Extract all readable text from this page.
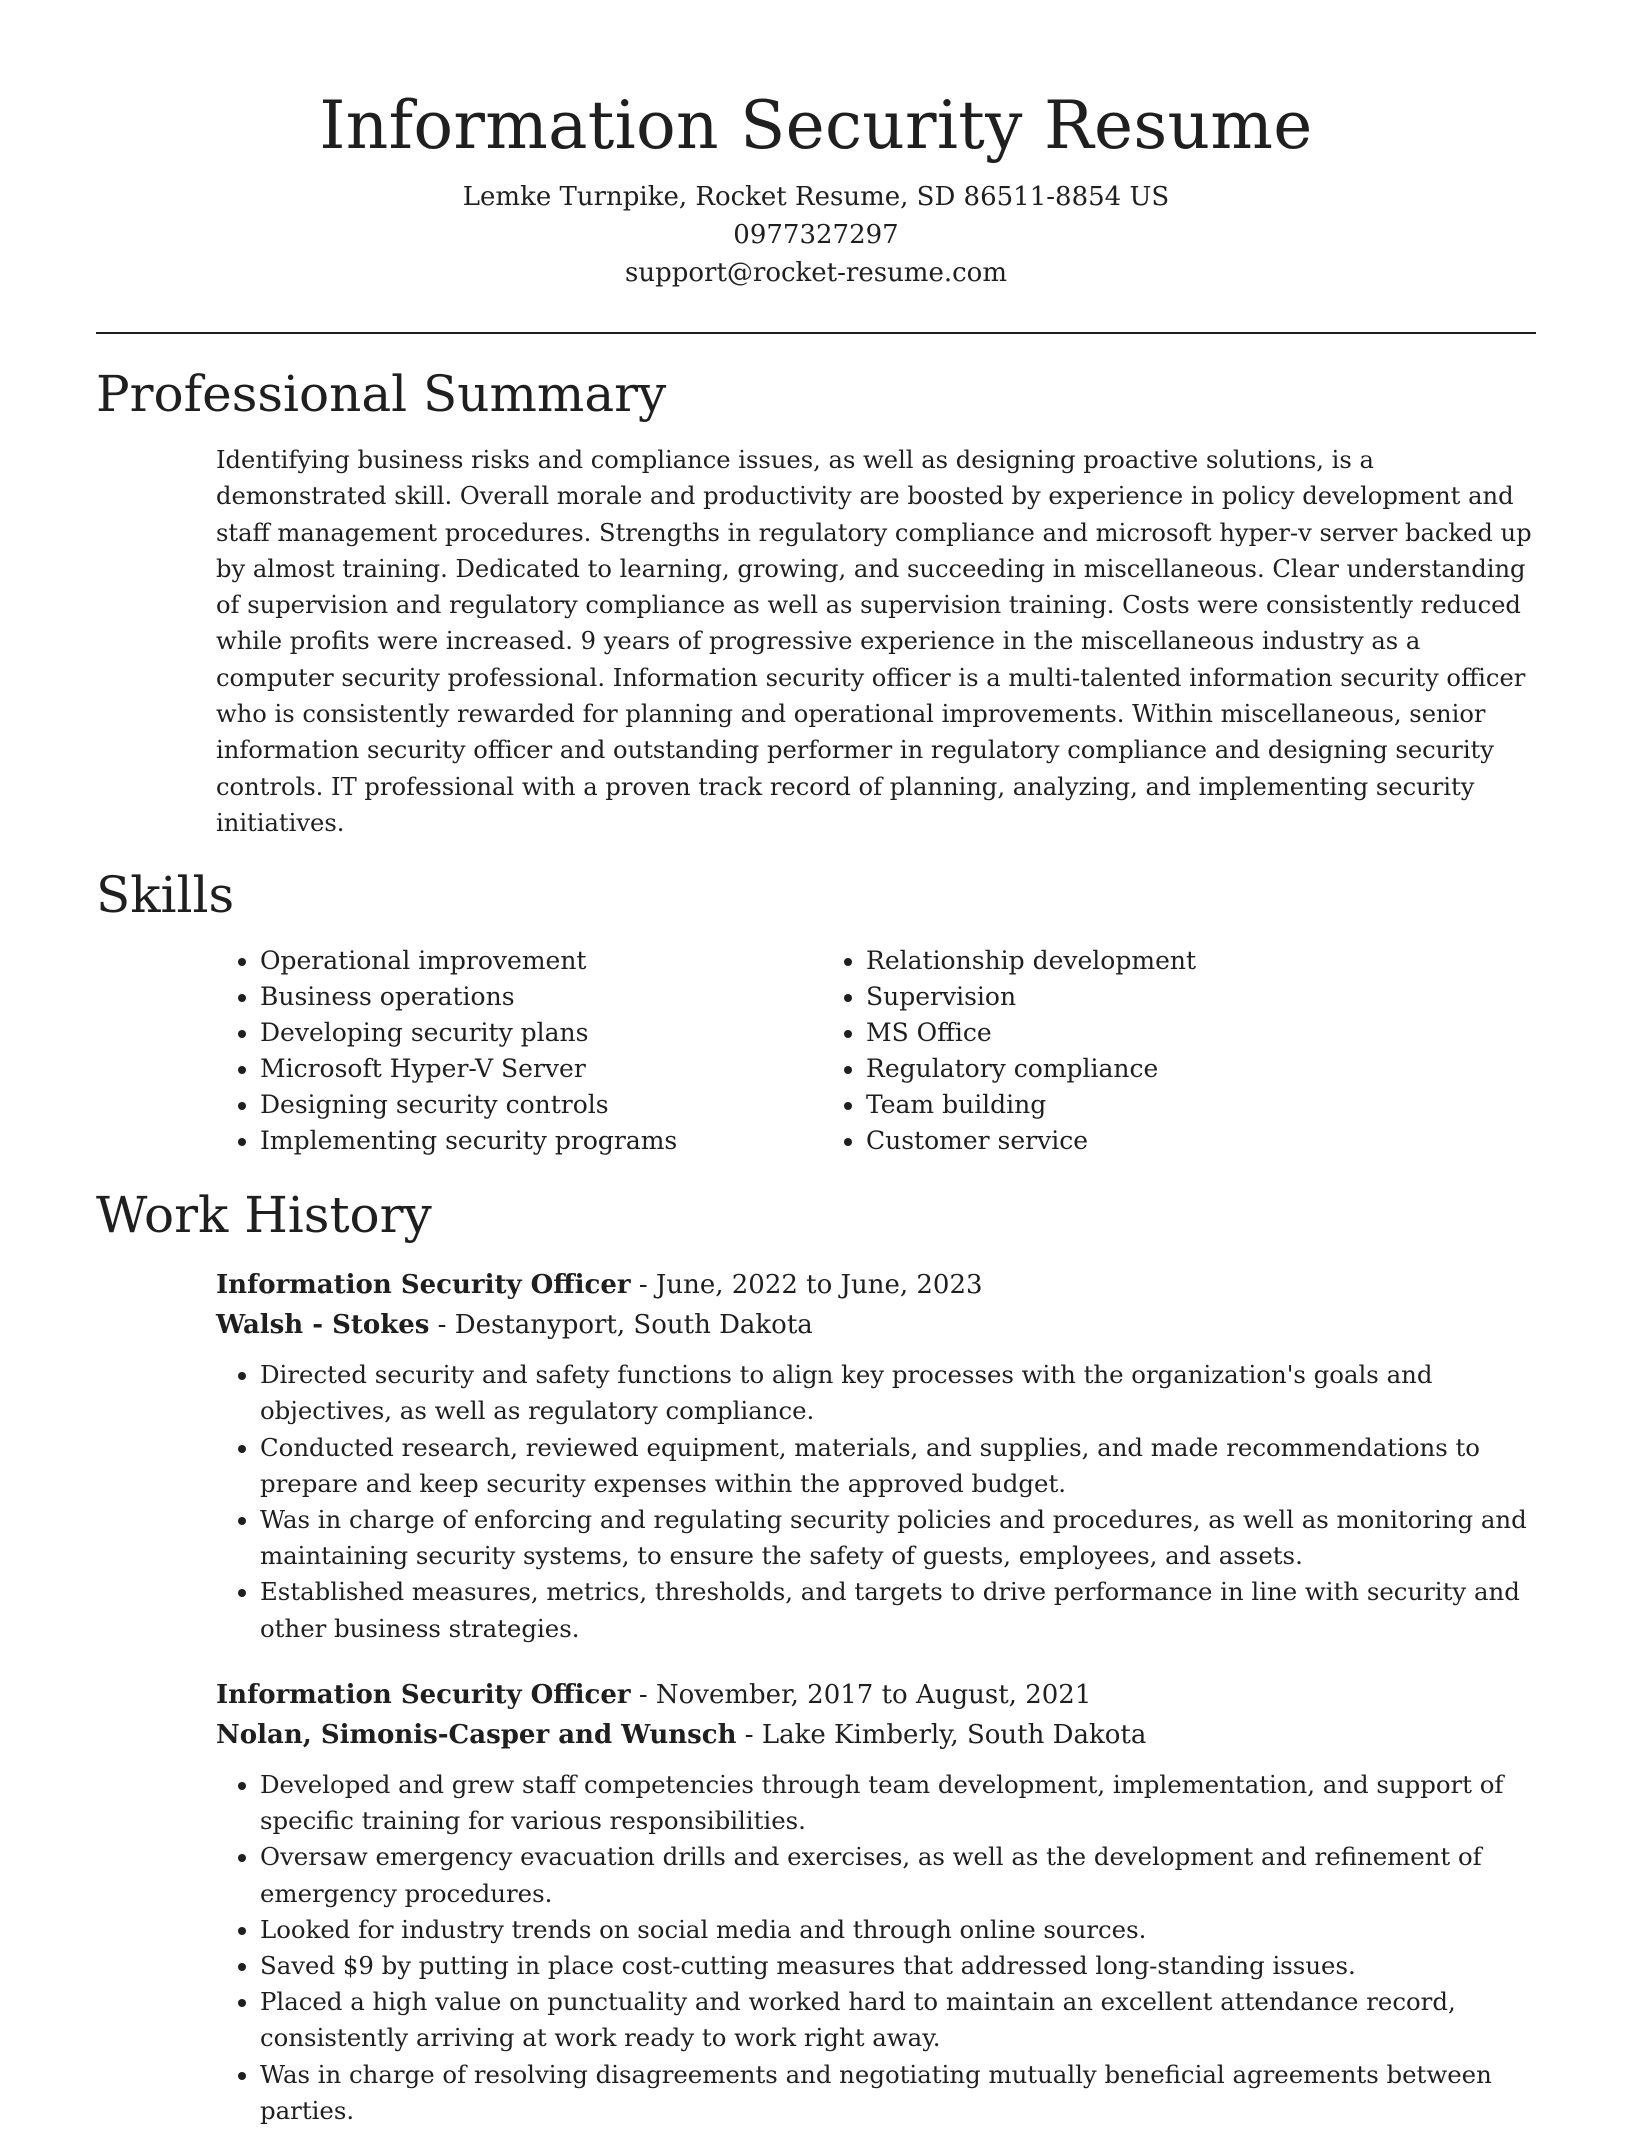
Information Security Resume

Lemke Turnpike, Rocket Resume, SD 86511-8854 US

0977327297

support@rocket-resume.com

Professional Summary

Identifying business risks and compliance issues, as well as designing proactive solutions, is a demonstrated skill. Overall morale and productivity are boosted by experience in policy development and staff management procedures. Strengths in regulatory compliance and microsoft hyper-v server backed up by almost training. Dedicated to learning, growing, and succeeding in miscellaneous. Clear understanding of supervision and regulatory compliance as well as supervision training. Costs were consistently reduced while profits were increased. 9 years of progressive experience in the miscellaneous industry as a computer security professional. Information security officer is a multi-talented information security officer who is consistently rewarded for planning and operational improvements. Within miscellaneous, senior information security officer and outstanding performer in regulatory compliance and designing security controls. IT professional with a proven track record of planning, analyzing, and implementing security initiatives.

Skills
• Operational improvement
• Business operations
• Developing security plans
• Microsoft Hyper-V Server
• Designing security controls
• Implementing security programs
• Relationship development
• Supervision
• MS Office
• Regulatory compliance
• Team building
• Customer service
Work History

Information Security Officer - June, 2022 to June, 2023

Walsh - Stokes - Destanyport, South Dakota

• Directed security and safety functions to align key processes with the organization's goals and objectives, as well as regulatory compliance.
• Conducted research, reviewed equipment, materials, and supplies, and made recommendations to prepare and keep security expenses within the approved budget.
• Was in charge of enforcing and regulating security policies and procedures, as well as monitoring and maintaining security systems, to ensure the safety of guests, employees, and assets.
• Established measures, metrics, thresholds, and targets to drive performance in line with security and other business strategies.

Information Security Officer - November, 2017 to August, 2021

Nolan, Simonis-Casper and Wunsch - Lake Kimberly, South Dakota

• Developed and grew staff competencies through team development, implementation, and support of specific training for various responsibilities.
• Oversaw emergency evacuation drills and exercises, as well as the development and refinement of emergency procedures.
• Looked for industry trends on social media and through online sources.
• Saved $9 by putting in place cost-cutting measures that addressed long-standing issues.
• Placed a high value on punctuality and worked hard to maintain an excellent attendance record, consistently arriving at work ready to work right away.
• Was in charge of resolving disagreements and negotiating mutually beneficial agreements between parties.
